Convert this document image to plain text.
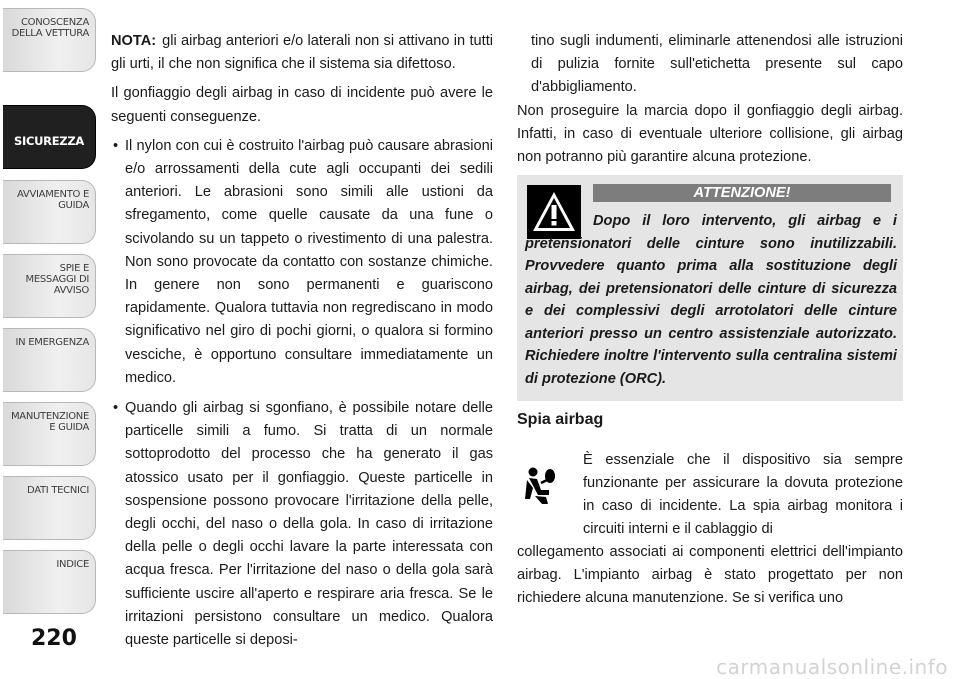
CONOSCENZA DELLA VETTURA
SICUREZZA
AVVIAMENTO E GUIDA
SPIE E MESSAGGI DI AVVISO
IN EMERGENZA
MANUTENZIONE E GUIDA
DATI TECNICI
INDICE
220

NOTA: gli airbag anteriori e/o laterali non si attivano in tutti gli urti, il che non significa che il sistema sia difettoso.

Il gonfiaggio degli airbag in caso di incidente può avere le seguenti conseguenze.

• Il nylon con cui è costruito l'airbag può causare abrasioni e/o arrossamenti della cute agli occupanti dei sedili anteriori. Le abrasioni sono simili alle ustioni da sfregamento, come quelle causate da una fune o scivolando su un tappeto o rivestimento di una palestra. Non sono provocate da contatto con sostanze chimiche. In genere non sono permanenti e guariscono rapidamente. Qualora tuttavia non regrediscano in modo significativo nel giro di pochi giorni, o qualora si formino vesciche, è opportuno consultare immediatamente un medico.
• Quando gli airbag si sgonfiano, è possibile notare delle particelle simili a fumo. Si tratta di un normale sottoprodotto del processo che ha generato il gas atossico usato per il gonfiaggio. Queste particelle in sospensione possono provocare l'irritazione della pelle, degli occhi, del naso o della gola. In caso di irritazione della pelle o degli occhi lavare la parte interessata con acqua fresca. Per l'irritazione del naso o della gola sarà sufficiente uscire all'aperto e respirare aria fresca. Se le irritazioni persistono consultare un medico. Qualora queste particelle si deposi-

tino sugli indumenti, eliminarle attenendosi alle istruzioni di pulizia fornite sull'etichetta presente sul capo d'abbigliamento.

Non proseguire la marcia dopo il gonfiaggio degli airbag. Infatti, in caso di eventuale ulteriore collisione, gli airbag non potranno più garantire alcuna protezione.

ATTENZIONE!
Dopo il loro intervento, gli airbag e i pretensionatori delle cinture sono inutilizzabili. Provvedere quanto prima alla sostituzione degli airbag, dei pretensionatori delle cinture di sicurezza e dei complessivi degli arrotolatori delle cinture anteriori presso un centro assistenziale autorizzato. Richiedere inoltre l'intervento sulla centralina sistemi di protezione (ORC).
Spia airbag

È essenziale che il dispositivo sia sempre funzionante per assicurare la dovuta protezione in caso di incidente. La spia airbag monitora i circuiti interni e il cablaggio di

collegamento associati ai componenti elettrici dell'impianto airbag. L'impianto airbag è stato progettato per non richiedere alcuna manutenzione. Se si verifica uno

carmanualsonline.info
